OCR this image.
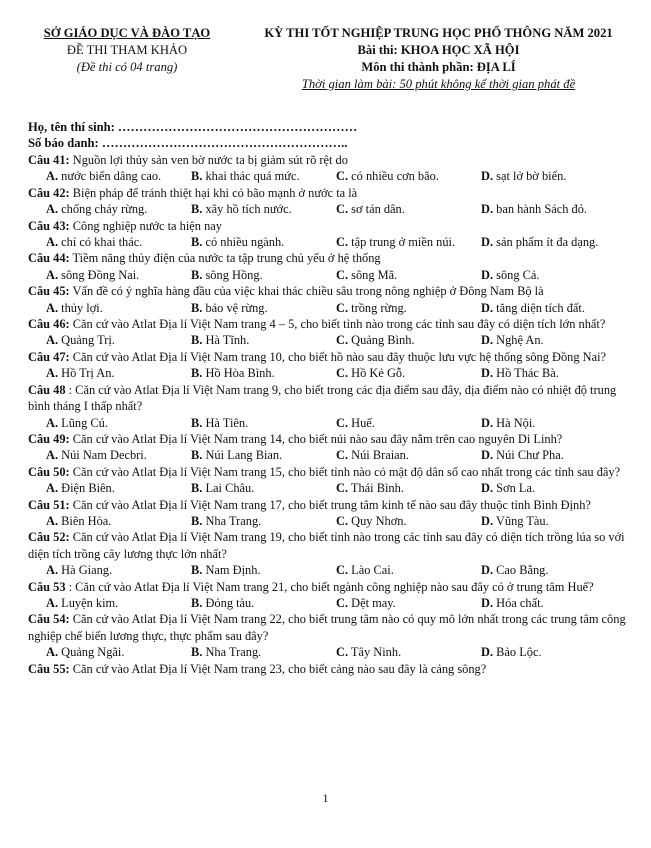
SỞ GIÁO DỤC VÀ ĐÀO TẠO
ĐỀ THI THAM KHẢO
(Đề thi có 04 trang)
KỲ THI TỐT NGHIỆP TRUNG HỌC PHỔ THÔNG NĂM 2021
Bài thi: KHOA HỌC XÃ HỘI
Môn thi thành phần: ĐỊA LÍ
Thời gian làm bài: 50 phút không kể thời gian phát đề
Họ, tên thí sinh: …………………………………………………
Số báo danh: …………………………………………………..
Câu 41: Nguồn lợi thủy sản ven bờ nước ta bị giảm sút rõ rệt do
A. nước biển dâng cao.	B. khai thác quá mức.	C. có nhiều cơn bão.	D. sạt lở bờ biển.
Câu 42: Biện pháp để tránh thiệt hại khi có bão mạnh ở nước ta là
A. chống cháy rừng.	B. xây hồ tích nước.	C. sơ tán dân.	D. ban hành Sách đỏ.
Câu 43: Công nghiệp nước ta hiện nay
A. chỉ có khai thác.	B. có nhiều ngành.	C. tập trung ở miền núi.	D. sản phẩm ít đa dạng.
Câu 44: Tiềm năng thủy điện của nước ta tập trung chủ yếu ở hệ thống
A. sông Đồng Nai.	B. sông Hồng.	C. sông Mã.	D. sông Cả.
Câu 45: Vấn đề có ý nghĩa hàng đầu của việc khai thác chiều sâu trong nông nghiệp ở Đông Nam Bộ là
A. thủy lợi.	B. bảo vệ rừng.	C. trồng rừng.	D. tăng diện tích đất.
Câu 46: Căn cứ vào Atlat Địa lí Việt Nam trang 4 – 5, cho biết tỉnh nào trong các tỉnh sau đây có diện tích lớn nhất?
A. Quảng Trị.	B. Hà Tĩnh.	C. Quảng Bình.	D. Nghệ An.
Câu 47: Căn cứ vào Atlat Địa lí Việt Nam trang 10, cho biết hồ nào sau đây thuộc lưu vực hệ thống sông Đồng Nai?
A. Hồ Trị An.	B. Hồ Hòa Bình.	C. Hồ Kẻ Gỗ.	D. Hồ Thác Bà.
Câu 48 : Căn cứ vào Atlat Địa lí Việt Nam trang 9, cho biết trong các địa điểm sau đây, địa điểm nào có nhiệt độ trung bình tháng I thấp nhất?
A. Lũng Cú.	B. Hà Tiên.	C. Huế.	D. Hà Nội.
Câu 49: Căn cứ vào Atlat Địa lí Việt Nam trang 14, cho biết núi nào sau đây nằm trên cao nguyên Di Linh?
A. Núi Nam Decbri.	B. Núi Lang Bian.	C. Núi Braian.	D. Núi Chư Pha.
Câu 50: Căn cứ vào Atlat Địa lí Việt Nam trang 15, cho biết tỉnh nào có mật độ dân số cao nhất trong các tỉnh sau đây?
A. Điện Biên.	B. Lai Châu.	C. Thái Bình.	D. Sơn La.
Câu 51: Căn cứ vào Atlat Địa lí Việt Nam trang 17, cho biết trung tâm kinh tế nào sau đây thuộc tỉnh Bình Định?
A. Biên Hòa.	B. Nha Trang.	C. Quy Nhơn.	D. Vũng Tàu.
Câu 52: Căn cứ vào Atlat Địa lí Việt Nam trang 19, cho biết tỉnh nào trong các tỉnh sau đây có diện tích trồng lúa so với diện tích trồng cây lương thực lớn nhất?
A. Hà Giang.	B. Nam Định.	C. Lào Cai.	D. Cao Bằng.
Câu 53 : Căn cứ vào Atlat Địa lí Việt Nam trang 21, cho biết ngành công nghiệp nào sau đây có ở trung tâm Huế?
A. Luyện kim.	B. Đóng tàu.	C. Dệt may.	D. Hóa chất.
Câu 54: Căn cứ vào Atlat Địa lí Việt Nam trang 22, cho biết trung tâm nào có quy mô lớn nhất trong các trung tâm công nghiệp chế biến lương thực, thực phẩm sau đây?
A. Quảng Ngãi.	B. Nha Trang.	C. Tây Ninh.	D. Bảo Lộc.
Câu 55: Căn cứ vào Atlat Địa lí Việt Nam trang 23, cho biết cảng nào sau đây là cảng sông?
1
